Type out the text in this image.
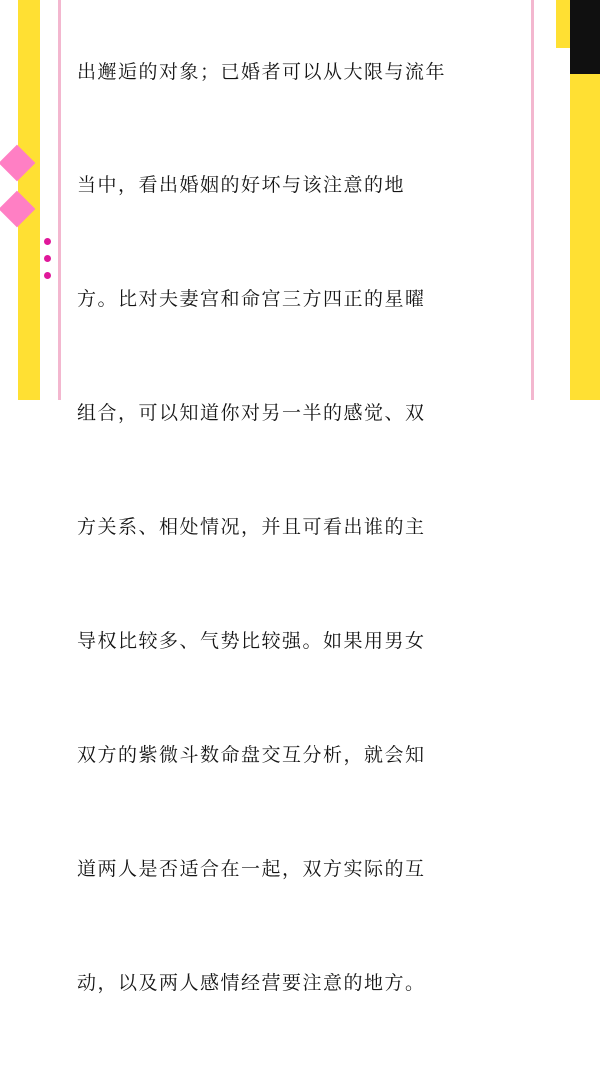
出邂逅的对象；已婚者可以从大限与流年

当中，看出婚姻的好坏与该注意的地

方。比对夫妻宫和命宫三方四正的星曜

组合，可以知道你对另一半的感觉、双

方关系、相处情况，并且可看出谁的主

导权比较多、气势比较强。如果用男女

双方的紫微斗数命盘交互分析，就会知

道两人是否适合在一起，双方实际的互

动，以及两人感情经营要注意的地方。
